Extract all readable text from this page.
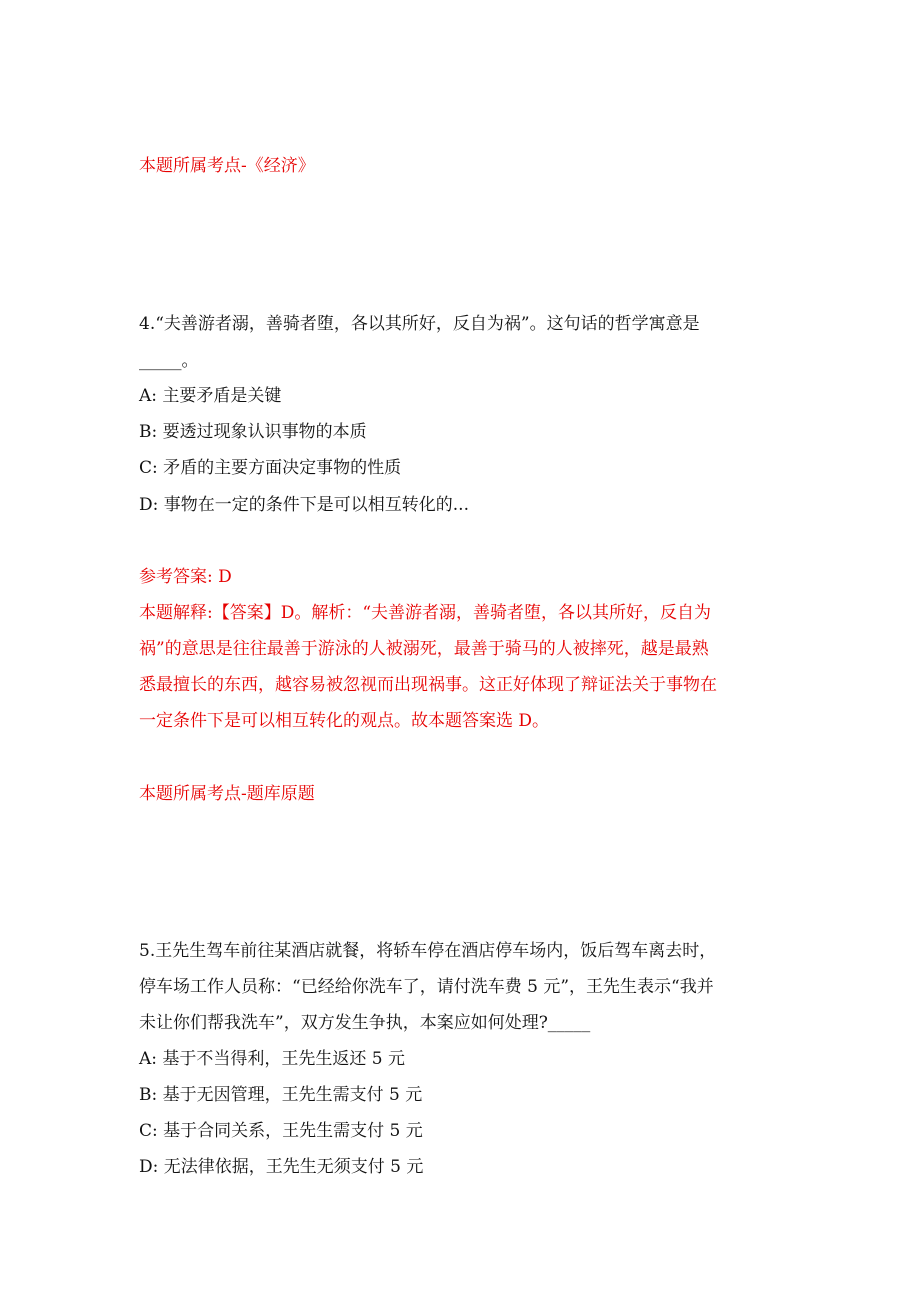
本题所属考点-《经济》
4.“夫善游者溺，善骑者堕，各以其所好，反自为祸”。这句话的哲学寓意是
_____。
A: 主要矛盾是关键
B: 要透过现象认识事物的本质
C: 矛盾的主要方面决定事物的性质
D: 事物在一定的条件下是可以相互转化的...
参考答案: D
本题解释:【答案】D。解析：“夫善游者溺，善骑者堕，各以其所好，反自为
祸”的意思是往往最善于游泳的人被溺死，最善于骑马的人被摔死，越是最熟
悉最擅长的东西，越容易被忽视而出现祸事。这正好体现了辩证法关于事物在
一定条件下是可以相互转化的观点。故本题答案选 D。
本题所属考点-题库原题
5.王先生驾车前往某酒店就餐，将轿车停在酒店停车场内，饭后驾车离去时，
停车场工作人员称：“已经给你洗车了，请付洗车费 5 元”，王先生表示“我并
未让你们帮我洗车”，双方发生争执，本案应如何处理?_____
A: 基于不当得利，王先生返还 5 元
B: 基于无因管理，王先生需支付 5 元
C: 基于合同关系，王先生需支付 5 元
D: 无法律依据，王先生无须支付 5 元
